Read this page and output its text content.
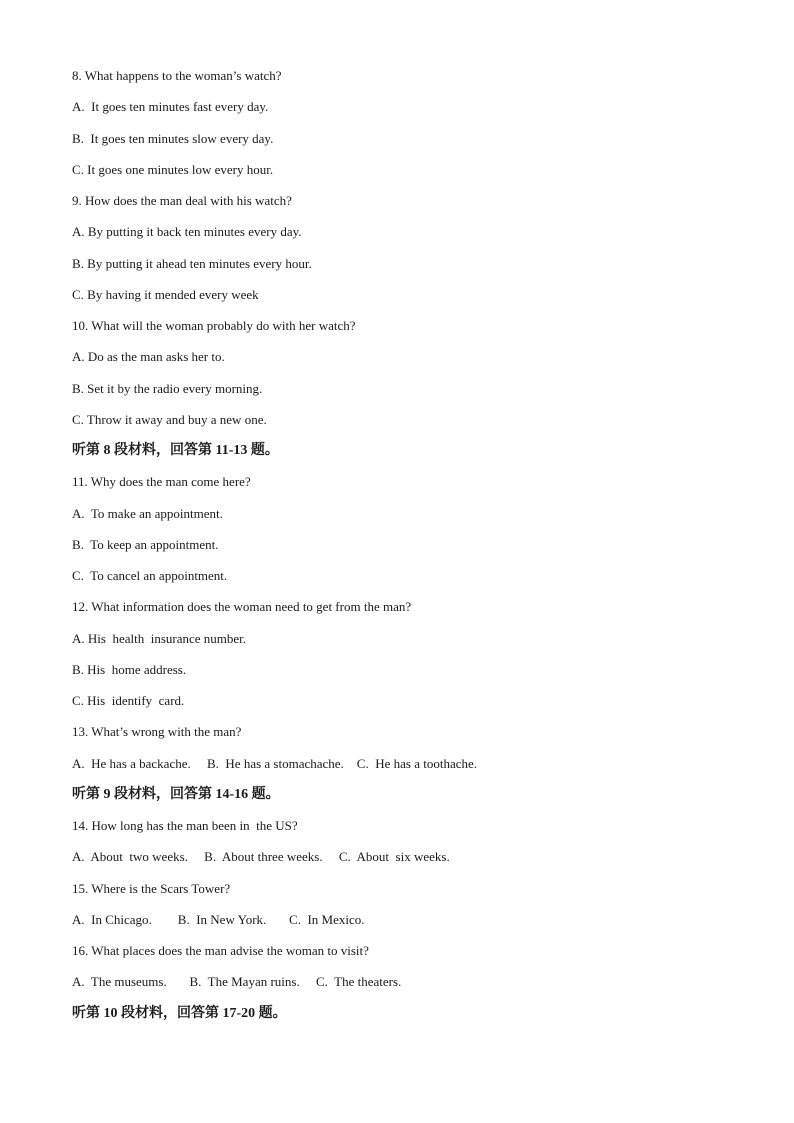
8. What happens to the woman’s watch?
A.  It goes ten minutes fast every day.
B.  It goes ten minutes slow every day.
C. It goes one minutes low every hour.
9. How does the man deal with his watch?
A. By putting it back ten minutes every day.
B. By putting it ahead ten minutes every hour.
C. By having it mended every week
10. What will the woman probably do with her watch?
A. Do as the man asks her to.
B. Set it by the radio every morning.
C. Throw it away and buy a new one.
听第 8 段材料，回答第 11-13 题。
11. Why does the man come here?
A.  To make an appointment.
B.  To keep an appointment.
C.  To cancel an appointment.
12. What information does the woman need to get from the man?
A. His  health  insurance number.
B. His  home address.
C. His  identify  card.
13. What’s wrong with the man?
A.  He has a backache.     B.  He has a stomachache.    C.  He has a toothache.
听第 9 段材料，回答第 14-16 题。
14. How long has the man been in  the US?
A.  About  two weeks.     B.  About three weeks.     C.  About  six weeks.
15. Where is the Scars Tower?
A.  In Chicago.        B.  In New York.       C.  In Mexico.
16. What places does the man advise the woman to visit?
A.  The museums.       B.  The Mayan ruins.     C.  The theaters.
听第 10 段材料，回答第 17-20 题。
